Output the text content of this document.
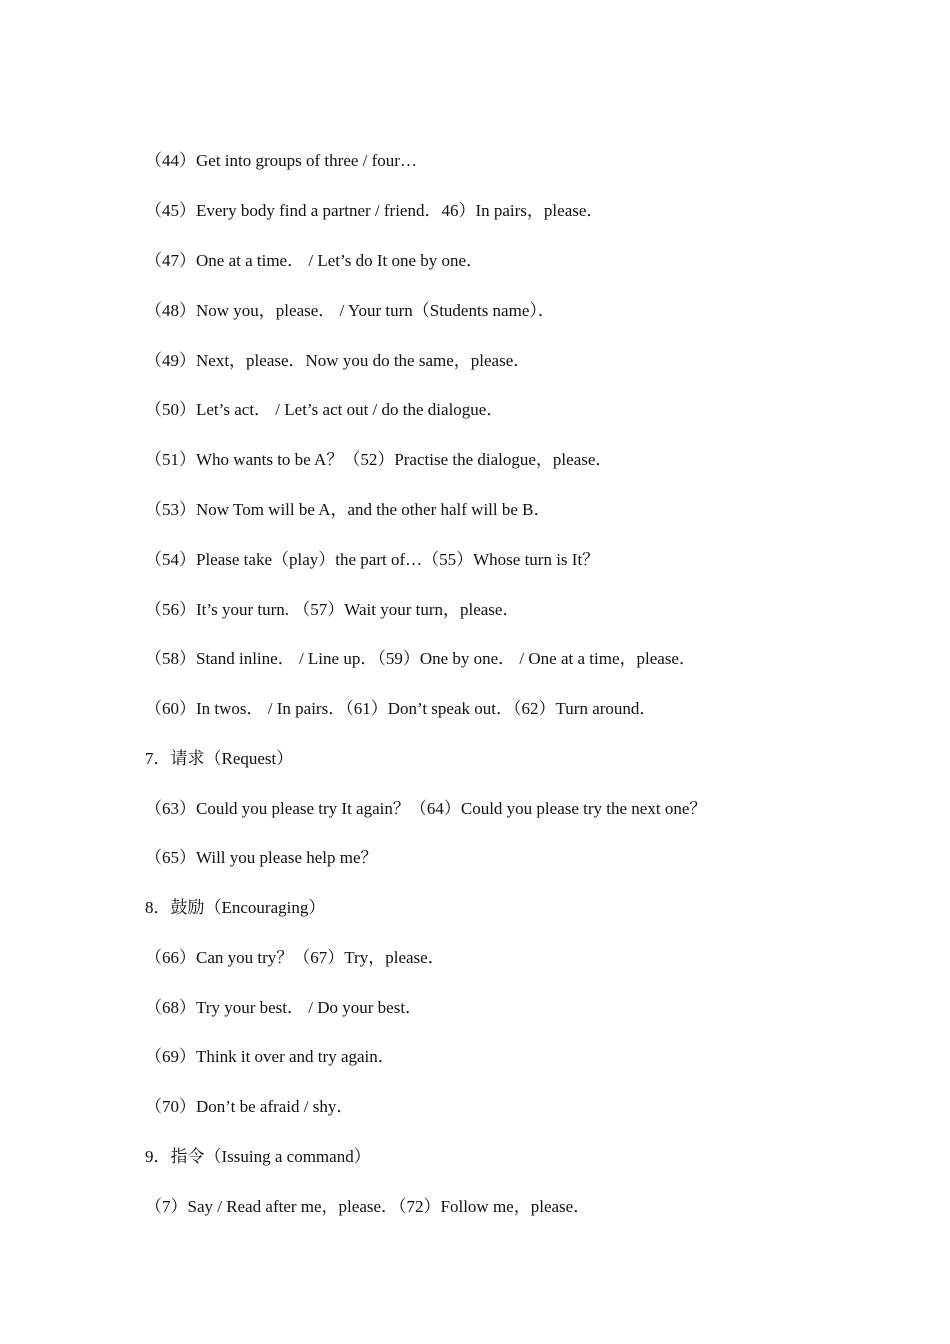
（44）Get into groups of three / four…
（45）Every body find a partner / friend．46）In pairs，please．
（47）One at a time． / Let’s do It one by one．
（48）Now you，please． / Your turn（Students name）．
（49）Next，please．Now you do the same，please．
（50）Let’s act． / Let’s act out / do the dialogue．
（51）Who wants to be A？（52）Practise the dialogue，please．
（53）Now Tom will be A，and the other half will be B．
（54）Please take（play）the part of…（55）Whose turn is It？
（56）It’s your turn. （57）Wait your turn，please．
（58）Stand inline． / Line up．（59）One by one． / One at a time，please．
（60）In twos． / In pairs．（61）Don’t speak out．（62）Turn around．
7．请求（Request）
（63）Could you please try It again？（64）Could you please try the next one？
（65）Will you please help me？
8．鼓励（Encouraging）
（66）Can you try？（67）Try，please．
（68）Try your best． / Do your best．
（69）Think it over and try again．
（70）Don’t be afraid / shy．
9．指令（Issuing a command）
（7）Say / Read after me，please．（72）Follow me，please．
